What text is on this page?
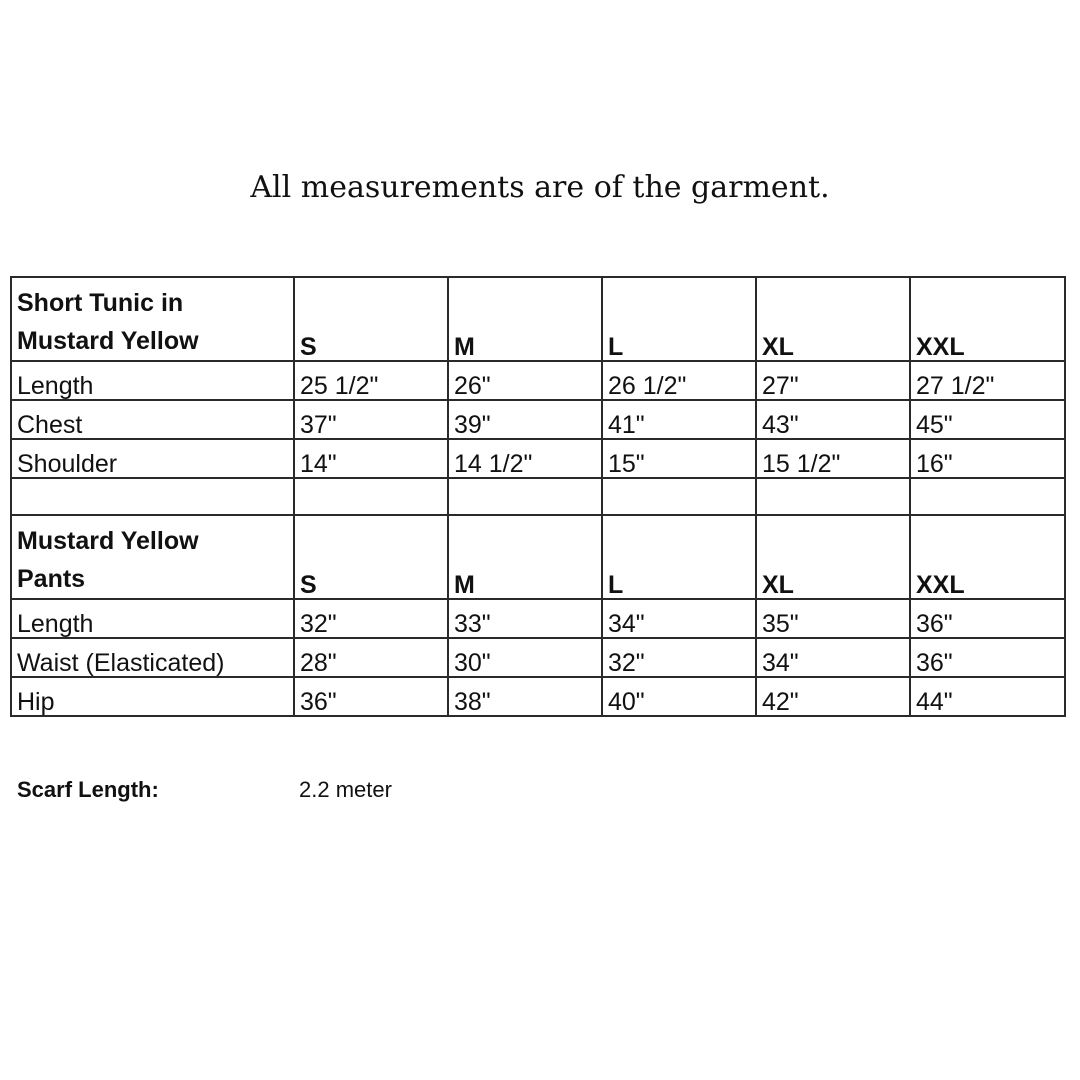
All measurements are of the garment.
Short Tunic in
Mustard Yellow	S	M	L	XL	XXL
Length	25 1/2"	26"	26 1/2"	27"	27 1/2"
Chest	37"	39"	41"	43"	45"
Shoulder	14"	14 1/2"	15"	15 1/2"	16"

Mustard Yellow
Pants	S	M	L	XL	XXL
Length	32"	33"	34"	35"	36"
Waist (Elasticated)	28"	30"	32"	34"	36"
Hip	36"	38"	40"	42"	44"
Scarf Length:	2.2 meter
